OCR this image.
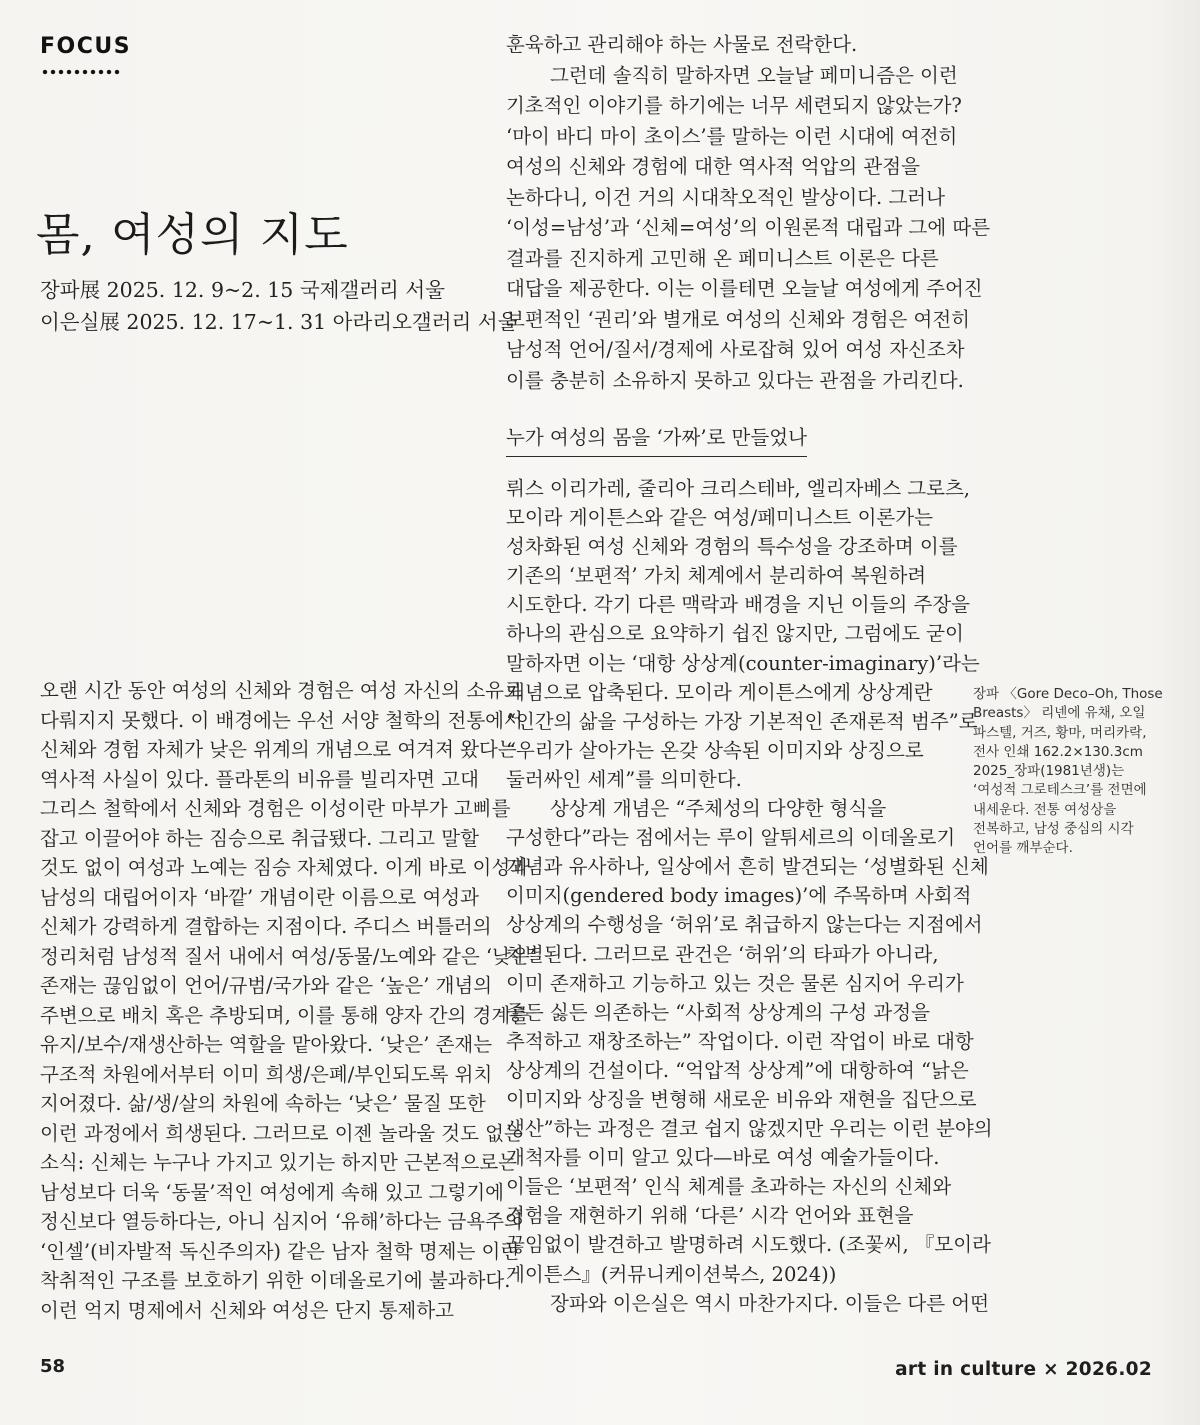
FOCUS
몸, 여성의 지도
장파展 2025. 12. 9~2. 15 국제갤러리 서울
이은실展 2025. 12. 17~1. 31 아라리오갤러리 서울
오랜 시간 동안 여성의 신체와 경험은 여성 자신의 소유로
다뤄지지 못했다. 이 배경에는 우선 서양 철학의 전통에서
신체와 경험 자체가 낮은 위계의 개념으로 여겨져 왔다는
역사적 사실이 있다. 플라톤의 비유를 빌리자면 고대
그리스 철학에서 신체와 경험은 이성이란 마부가 고삐를
잡고 이끌어야 하는 짐승으로 취급됐다. 그리고 말할
것도 없이 여성과 노예는 짐승 자체였다. 이게 바로 이성과
남성의 대립어이자 ‘바깥’ 개념이란 이름으로 여성과
신체가 강력하게 결합하는 지점이다. 주디스 버틀러의
정리처럼 남성적 질서 내에서 여성/동물/노예와 같은 ‘낮은’
존재는 끊임없이 언어/규범/국가와 같은 ‘높은’ 개념의
주변으로 배치 혹은 추방되며, 이를 통해 양자 간의 경계를
유지/보수/재생산하는 역할을 맡아왔다. ‘낮은’ 존재는
구조적 차원에서부터 이미 희생/은폐/부인되도록 위치
지어졌다. 삶/생/살의 차원에 속하는 ‘낮은’ 물질 또한
이런 과정에서 희생된다. 그러므로 이젠 놀라울 것도 없는
소식: 신체는 누구나 가지고 있기는 하지만 근본적으로는
남성보다 더욱 ‘동물’적인 여성에게 속해 있고 그렇기에
정신보다 열등하다는, 아니 심지어 ‘유해’하다는 금욕주의
‘인셀’(비자발적 독신주의자) 같은 남자 철학 명제는 이런
착취적인 구조를 보호하기 위한 이데올로기에 불과하다.
이런 억지 명제에서 신체와 여성은 단지 통제하고
훈육하고 관리해야 하는 사물로 전락한다.
그런데 솔직히 말하자면 오늘날 페미니즘은 이런
기초적인 이야기를 하기에는 너무 세련되지 않았는가?
‘마이 바디 마이 초이스’를 말하는 이런 시대에 여전히
여성의 신체와 경험에 대한 역사적 억압의 관점을
논하다니, 이건 거의 시대착오적인 발상이다. 그러나
‘이성=남성’과 ‘신체=여성’의 이원론적 대립과 그에 따른
결과를 진지하게 고민해 온 페미니스트 이론은 다른
대답을 제공한다. 이는 이를테면 오늘날 여성에게 주어진
보편적인 ‘권리’와 별개로 여성의 신체와 경험은 여전히
남성적 언어/질서/경제에 사로잡혀 있어 여성 자신조차
이를 충분히 소유하지 못하고 있다는 관점을 가리킨다.
누가 여성의 몸을 ‘가짜’로 만들었나
뤼스 이리가레, 줄리아 크리스테바, 엘리자베스 그로츠,
모이라 게이튼스와 같은 여성/페미니스트 이론가는
성차화된 여성 신체와 경험의 특수성을 강조하며 이를
기존의 ‘보편적’ 가치 체계에서 분리하여 복원하려
시도한다. 각기 다른 맥락과 배경을 지닌 이들의 주장을
하나의 관심으로 요약하기 쉽진 않지만, 그럼에도 굳이
말하자면 이는 ‘대항 상상계(counter-imaginary)’라는
개념으로 압축된다. 모이라 게이튼스에게 상상계란
“인간의 삶을 구성하는 가장 기본적인 존재론적 범주”로
“우리가 살아가는 온갖 상속된 이미지와 상징으로
둘러싸인 세계”를 의미한다.
상상계 개념은 “주체성의 다양한 형식을
구성한다”라는 점에서는 루이 알튀세르의 이데올로기
개념과 유사하나, 일상에서 흔히 발견되는 ‘성별화된 신체
이미지(gendered body images)’에 주목하며 사회적
상상계의 수행성을 ‘허위’로 취급하지 않는다는 지점에서
차별된다. 그러므로 관건은 ‘허위’의 타파가 아니라,
이미 존재하고 기능하고 있는 것은 물론 심지어 우리가
좋든 싫든 의존하는 “사회적 상상계의 구성 과정을
추적하고 재창조하는” 작업이다. 이런 작업이 바로 대항
상상계의 건설이다. “억압적 상상계”에 대항하여 “낡은
이미지와 상징을 변형해 새로운 비유와 재현을 집단으로
생산”하는 과정은 결코 쉽지 않겠지만 우리는 이런 분야의
개척자를 이미 알고 있다—바로 여성 예술가들이다.
이들은 ‘보편적’ 인식 체계를 초과하는 자신의 신체와
경험을 재현하기 위해 ‘다른’ 시각 언어와 표현을
끊임없이 발견하고 발명하려 시도했다. (조꽃씨, 『모이라
게이튼스』(커뮤니케이션북스, 2024))
장파와 이은실은 역시 마찬가지다. 이들은 다른 어떤
장파 〈Gore Deco–Oh, Those
Breasts〉 리넨에 유채, 오일
파스텔, 거즈, 황마, 머리카락,
전사 인쇄 162.2×130.3cm
2025_장파(1981년생)는
‘여성적 그로테스크’를 전면에
내세운다. 전통 여성상을
전복하고, 남성 중심의 시각
언어를 깨부순다.
58	art in culture × 2026.02
